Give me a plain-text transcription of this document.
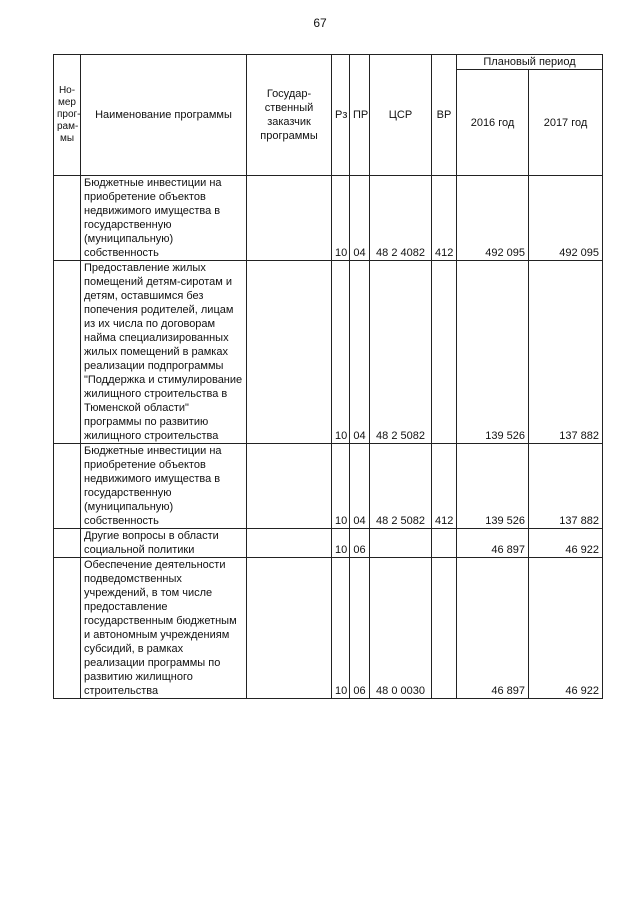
67
Но-мер прог-рам-мы	Наименование программы	Государ-ственный заказчик программы	Рз	ПР	ЦСР	ВР	Плановый период	
							2016 год	2017 год
	Бюджетные инвестиции на приобретение объектов недвижимого имущества в государственную (муниципальную) собственность		10	04	48 2 4082	412	492 095	492 095
	Предоставление жилых помещений детям-сиротам и детям, оставшимся без попечения родителей, лицам из их числа по договорам найма специализированных жилых помещений в рамках реализации подпрограммы "Поддержка и стимулирование жилищного строительства в Тюменской области" программы по развитию жилищного строительства		10	04	48 2 5082		139 526	137 882
	Бюджетные инвестиции на приобретение объектов недвижимого имущества в государственную (муниципальную) собственность		10	04	48 2 5082	412	139 526	137 882
	Другие вопросы в области социальной политики		10	06			46 897	46 922
	Обеспечение деятельности подведомственных учреждений, в том числе предоставление государственным бюджетным и автономным учреждениям субсидий, в рамках реализации программы по развитию жилищного строительства		10	06	48 0 0030		46 897	46 922
